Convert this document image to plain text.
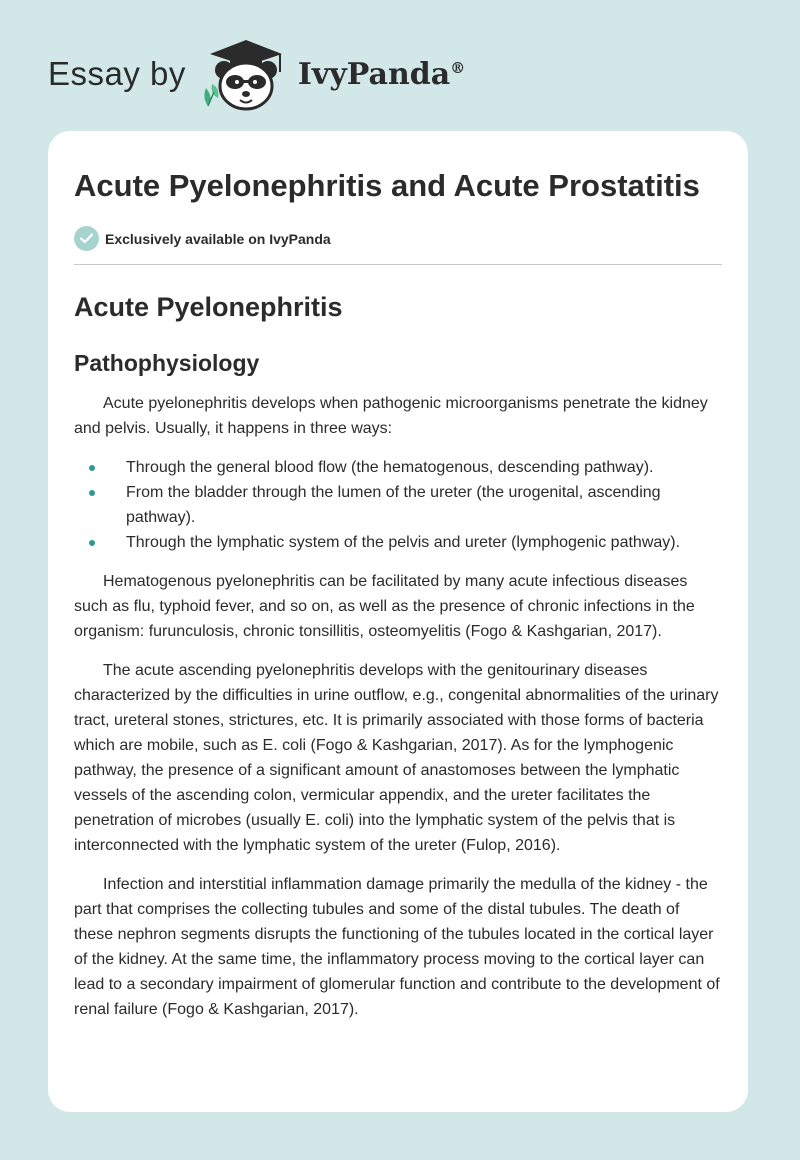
Essay by	IvyPanda®
Acute Pyelonephritis and Acute Prostatitis
Exclusively available on IvyPanda
Acute Pyelonephritis
Pathophysiology

Acute pyelonephritis develops when pathogenic microorganisms penetrate the kidney and pelvis. Usually, it happens in three ways:

Through the general blood flow (the hematogenous, descending pathway).
From the bladder through the lumen of the ureter (the urogenital, ascending pathway).
Through the lymphatic system of the pelvis and ureter (lymphogenic pathway).

Hematogenous pyelonephritis can be facilitated by many acute infectious diseases such as flu, typhoid fever, and so on, as well as the presence of chronic infections in the organism: furunculosis, chronic tonsillitis, osteomyelitis (Fogo & Kashgarian, 2017).

The acute ascending pyelonephritis develops with the genitourinary diseases characterized by the difficulties in urine outflow, e.g., congenital abnormalities of the urinary tract, ureteral stones, strictures, etc. It is primarily associated with those forms of bacteria which are mobile, such as E. coli (Fogo & Kashgarian, 2017). As for the lymphogenic pathway, the presence of a significant amount of anastomoses between the lymphatic vessels of the ascending colon, vermicular appendix, and the ureter facilitates the penetration of microbes (usually E. coli) into the lymphatic system of the pelvis that is interconnected with the lymphatic system of the ureter (Fulop, 2016).

Infection and interstitial inflammation damage primarily the medulla of the kidney - the part that comprises the collecting tubules and some of the distal tubules. The death of these nephron segments disrupts the functioning of the tubules located in the cortical layer of the kidney. At the same time, the inflammatory process moving to the cortical layer can lead to a secondary impairment of glomerular function and contribute to the development of renal failure (Fogo & Kashgarian, 2017).
